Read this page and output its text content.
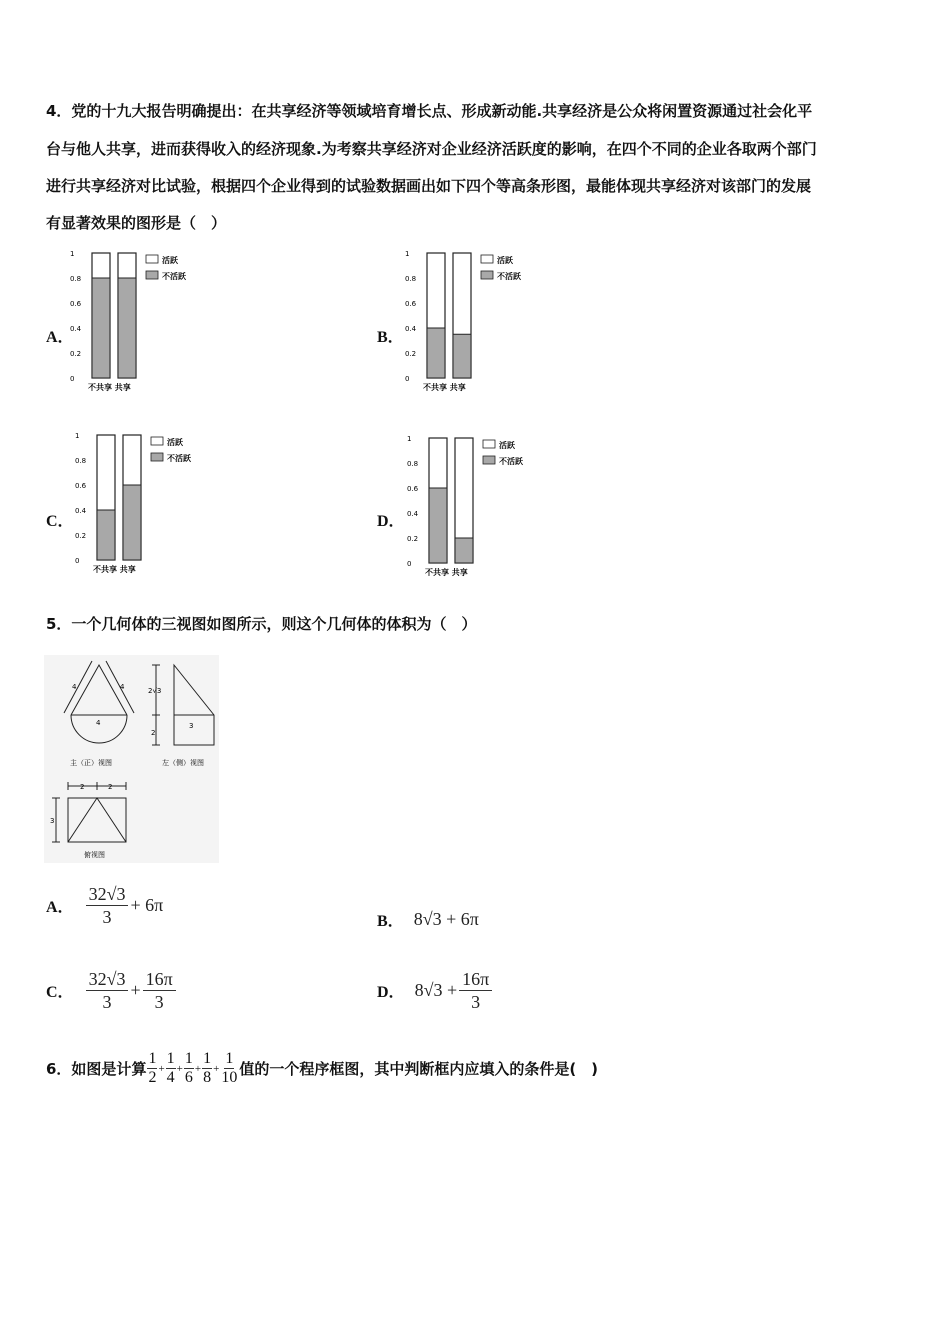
4．党的十九大报告明确提出：在共享经济等领域培育增长点、形成新动能.共享经济是公众将闲置资源通过社会化平
台与他人共享，进而获得收入的经济现象.为考察共享经济对企业经济活跃度的影响，在四个不同的企业各取两个部门
进行共享经济对比试验，根据四个企业得到的试验数据画出如下四个等高条形图，最能体现共享经济对该部门的发展
有显著效果的图形是（　）
A．	B．
C．	D．
0
0.2
0.4
0.6
0.8
1
不共享 共享
活跃
不活跃
0
0.2
0.4
0.6
0.8
1
不共享 共享
活跃
不活跃
0
0.2
0.4
0.6
0.8
1
不共享 共享
活跃
不活跃
0
0.2
0.4
0.6
0.8
1
不共享 共享
活跃
不活跃
5．一个几何体的三视图如图所示，则这个几何体的体积为（　）
4	4
4
主（正）视图
2√3
2
3
左（侧）视图
2	2
3
俯视图
A． $\frac{32√3}{3} + 6\pi$
B． 8√3 + 6π
C． $\frac{32√3}{3} + \frac{16\pi}{3}$	D． $8√3 + \frac{16\pi}{3}$
6．如图是计算 $\frac{1}{2} + \frac{1}{4} + \frac{1}{6} + \frac{1}{8} + \frac{1}{10}$ 值的一个程序框图，其中判断框内应填入的条件是(　)
